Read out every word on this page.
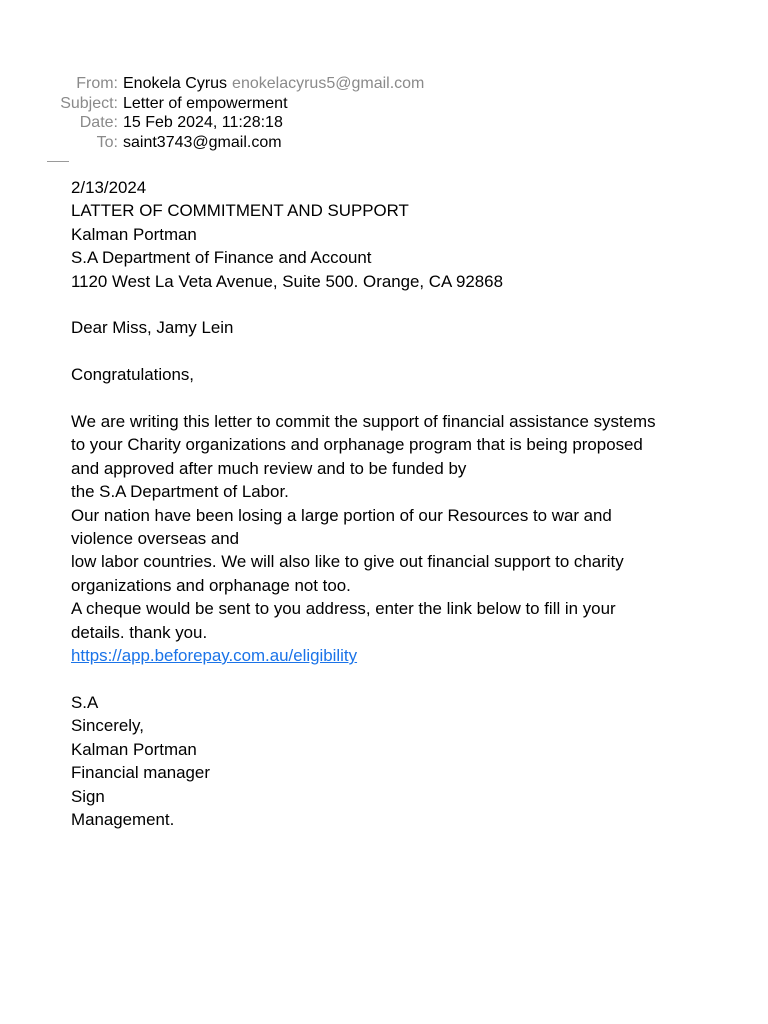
From: Enokela Cyrus enokelacyrus5@gmail.com
Subject: Letter of empowerment
Date: 15 Feb 2024, 11:28:18
To: saint3743@gmail.com
2/13/2024
LATTER OF COMMITMENT AND SUPPORT
Kalman Portman
S.A Department of Finance and Account
1120 West La Veta Avenue, Suite 500. Orange, CA 92868
Dear Miss, Jamy Lein
Congratulations,
We are writing this letter to commit the support of financial assistance systems
to your Charity organizations and orphanage program that is being proposed
and approved after much review and to be funded by
the S.A Department of Labor.
Our nation have been losing a large portion of our Resources to war and
violence overseas and
low labor countries. We will also like to give out financial support to charity
organizations and orphanage not too.
A cheque would be sent to you address, enter the link below to fill in your
details. thank you.
https://app.beforepay.com.au/eligibility
S.A
Sincerely,
Kalman Portman
Financial manager
Sign
Management.
